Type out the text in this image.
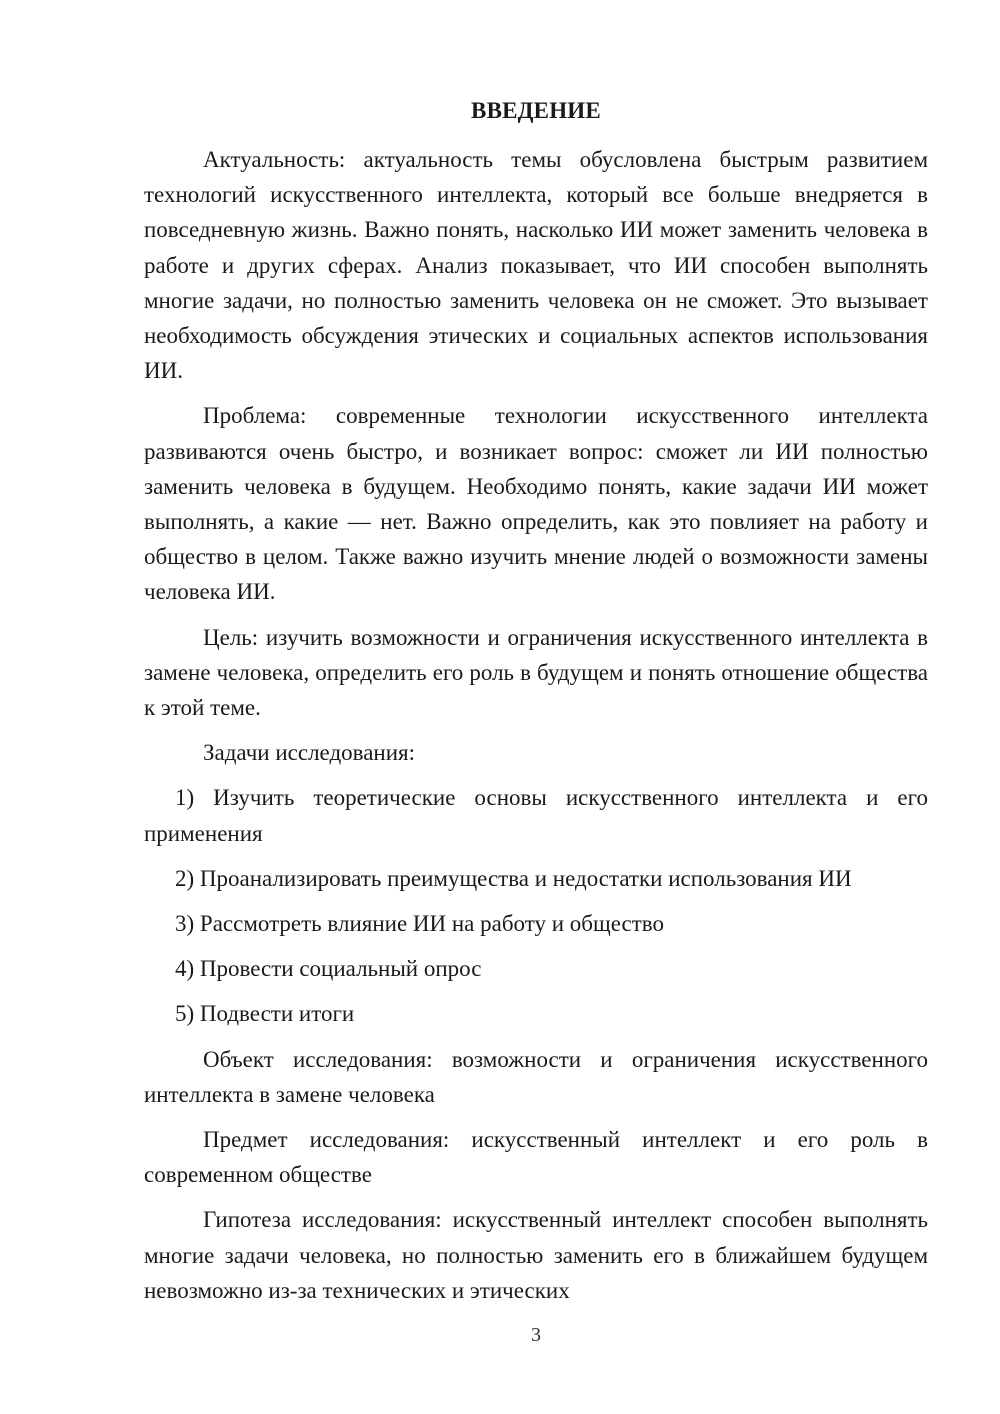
ВВЕДЕНИЕ

Актуальность: актуальность темы обусловлена быстрым развитием технологий искусственного интеллекта, который все больше внедряется в повседневную жизнь. Важно понять, насколько ИИ может заменить человека в работе и других сферах. Анализ показывает, что ИИ способен выполнять многие задачи, но полностью заменить человека он не сможет. Это вызывает необходимость обсуждения этических и социальных аспектов использования ИИ.

Проблема: современные технологии искусственного интеллекта развиваются очень быстро, и возникает вопрос: сможет ли ИИ полностью заменить человека в будущем. Необходимо понять, какие задачи ИИ может выполнять, а какие — нет. Важно определить, как это повлияет на работу и общество в целом. Также важно изучить мнение людей о возможности замены человека ИИ.

Цель: изучить возможности и ограничения искусственного интеллекта в замене человека, определить его роль в будущем и понять отношение общества к этой теме.

Задачи исследования:

1) Изучить теоретические основы искусственного интеллекта и его применения

2) Проанализировать преимущества и недостатки использования ИИ

3) Рассмотреть влияние ИИ на работу и общество

4) Провести социальный опрос

5) Подвести итоги

Объект исследования: возможности и ограничения искусственного интеллекта в замене человека

Предмет исследования: искусственный интеллект и его роль в современном обществе

Гипотеза исследования: искусственный интеллект способен выполнять многие задачи человека, но полностью заменить его в ближайшем будущем невозможно из-за технических и этических

3
